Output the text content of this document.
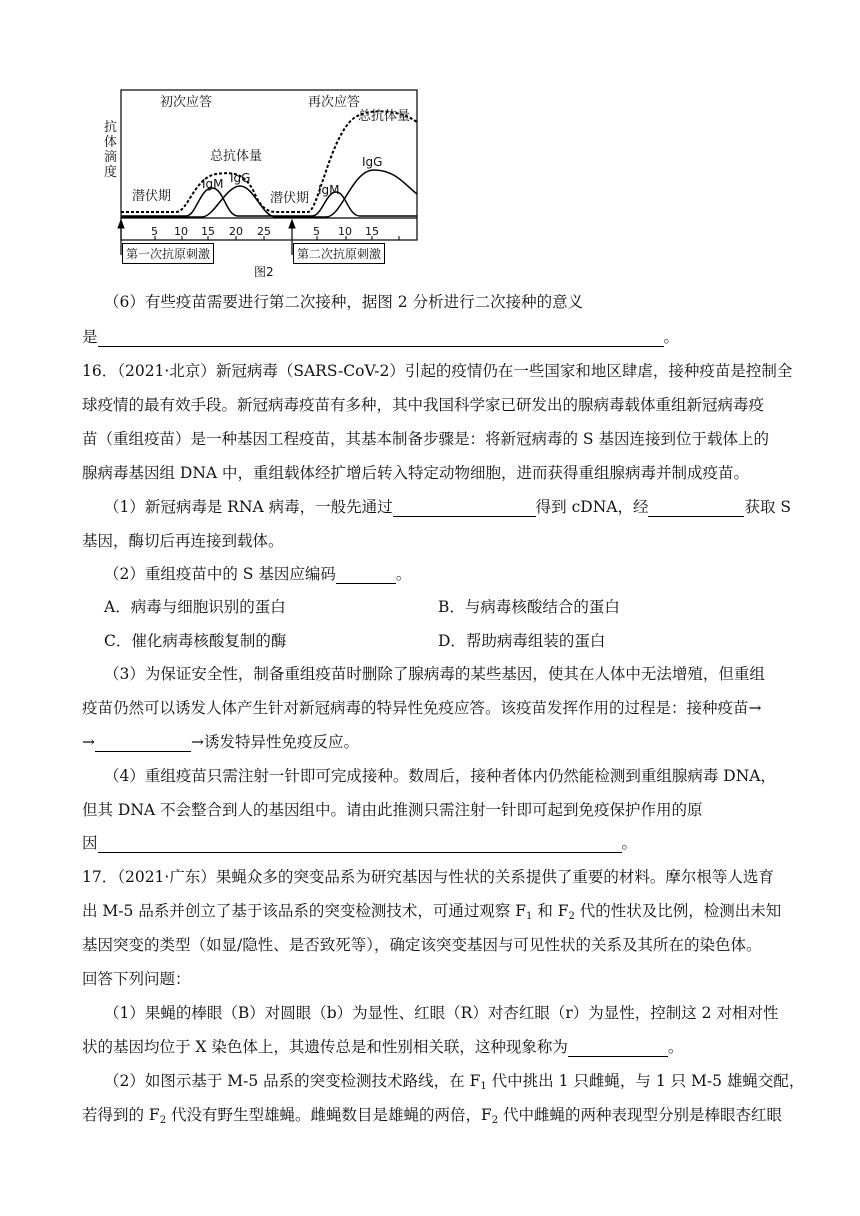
初次应答	再次应答
总抗体量
总抗体量
IgM IgG
IgM
IgG
潜伏期	潜伏期
抗
体
滴
度
5 10 15 20 25	5 10 15
第一次抗原刺激	第二次抗原刺激
图2
（6）有些疫苗需要进行第二次接种，据图 2 分析进行二次接种的意义
是	。
16．（2021·北京）新冠病毒（SARS-CoV-2）引起的疫情仍在一些国家和地区肆虐，接种疫苗是控制全
球疫情的最有效手段。新冠病毒疫苗有多种，其中我国科学家已研发出的腺病毒载体重组新冠病毒疫
苗（重组疫苗）是一种基因工程疫苗，其基本制备步骤是：将新冠病毒的 S 基因连接到位于载体上的
腺病毒基因组 DNA 中，重组载体经扩增后转入特定动物细胞，进而获得重组腺病毒并制成疫苗。
（1）新冠病毒是 RNA 病毒，一般先通过	得到 cDNA，经	获取 S
基因，酶切后再连接到载体。
（2）重组疫苗中的 S 基因应编码	。
A．病毒与细胞识别的蛋白	B．与病毒核酸结合的蛋白
C．催化病毒核酸复制的酶	D．帮助病毒组装的蛋白
（3）为保证安全性，制备重组疫苗时删除了腺病毒的某些基因，使其在人体中无法增殖，但重组
疫苗仍然可以诱发人体产生针对新冠病毒的特异性免疫应答。该疫苗发挥作用的过程是：接种疫苗→
→	→诱发特异性免疫反应。
（4）重组疫苗只需注射一针即可完成接种。数周后，接种者体内仍然能检测到重组腺病毒 DNA，
但其 DNA 不会整合到人的基因组中。请由此推测只需注射一针即可起到免疫保护作用的原
因	。
17．（2021·广东）果蝇众多的突变品系为研究基因与性状的关系提供了重要的材料。摩尔根等人选育
出 M-5 品系并创立了基于该品系的突变检测技术，可通过观察 $F_1$ 和 $F_2$ 代的性状及比例，检测出未知
基因突变的类型（如显/隐性、是否致死等），确定该突变基因与可见性状的关系及其所在的染色体。
回答下列问题：
（1）果蝇的棒眼（B）对圆眼（b）为显性、红眼（R）对杏红眼（r）为显性，控制这 2 对相对性
状的基因均位于 X 染色体上，其遗传总是和性别相关联，这种现象称为	。
（2）如图示基于 M-5 品系的突变检测技术路线，在 $F_1$ 代中挑出 1 只雌蝇，与 1 只 M-5 雄蝇交配，
若得到的 $F_2$ 代没有野生型雄蝇。雌蝇数目是雄蝇的两倍，$F_2$ 代中雌蝇的两种表现型分别是棒眼杏红眼
